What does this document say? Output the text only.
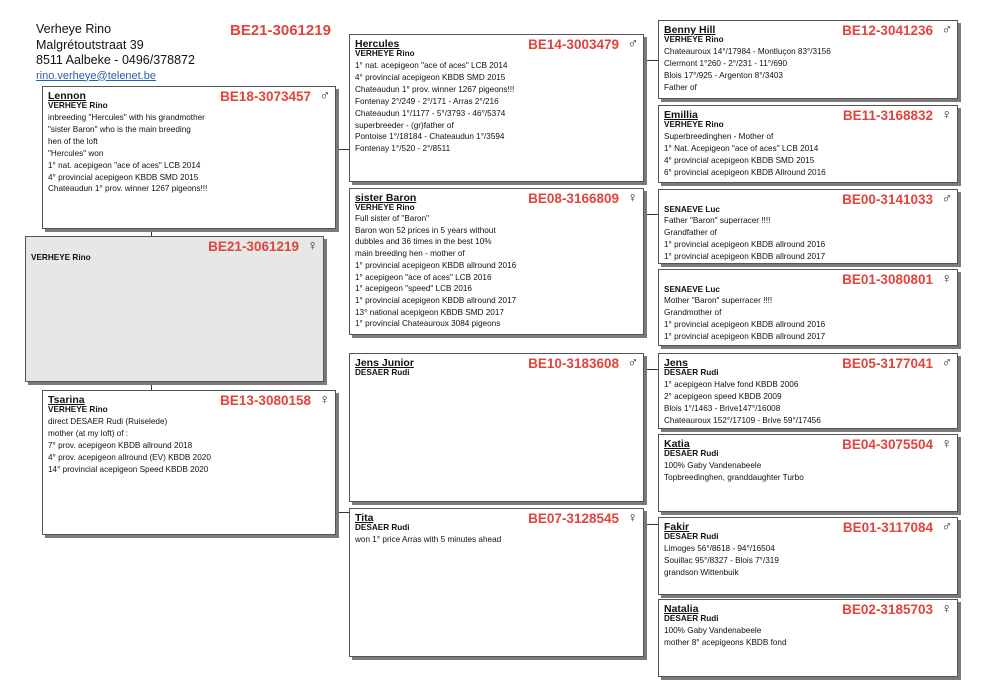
Verheye Rino
Malgrétoutstraat 39
8511 Aalbeke - 0496/378872
rino.verheye@telenet.be
BE21-3061219
Lennon	BE18-3073457 ♂
VERHEYE Rino
inbreeding "Hercules" with his grandmother
"sister Baron" who is the main breeding
hen of the loft
"Hercules" won
1° nat. acepigeon "ace of aces" LCB 2014
4° provincial acepigeon KBDB SMD 2015
Chateaudun 1° prov. winner 1267 pigeons!!!
BE21-3061219 ♀
VERHEYE Rino
Tsarina	BE13-3080158 ♀
VERHEYE Rino
direct DESAER Rudi (Ruiselede)
mother (at my loft) of :
7° prov. acepigeon KBDB allround 2018
4° prov. acepigeon allround (EV) KBDB 2020
14° provincial acepigeon Speed KBDB 2020
Hercules	BE14-3003479 ♂
VERHEYE Rino
1° nat. acepigeon "ace of aces" LCB 2014
4° provincial acepigeon KBDB SMD 2015
Chateaudun 1° prov. winner 1267 pigeons!!!
Fontenay 2°/249 - 2°/171 - Arras 2°/216
Chateaudun 1°/1177 - 5°/3793 - 46°/5374
superbreeder - (gr)father of
Pontoise 1°/18184 - Chateaudun 1°/3594
Fontenay 1°/520 - 2°/8511
sister Baron	BE08-3166809 ♀
VERHEYE Rino
Full sister of "Baron"
Baron won 52 prices in 5 years without
dubbles and 36 times in the best 10%
main breeding hen - mother of
1° provincial acepigeon KBDB allround 2016
1° acepigeon "ace of aces" LCB 2016
1° acepigeon "speed" LCB 2016
1° provincial acepigeon KBDB allround 2017
13° national acepigeon KBDB SMD 2017
1° provincial Chateauroux 3084 pigeons
Jens Junior	BE10-3183608 ♂
DESAER Rudi
Tita	BE07-3128545 ♀
DESAER Rudi
won 1° price Arras with 5 minutes ahead
Benny Hill	BE12-3041236 ♂
VERHEYE Rino
Chateauroux 14°/17984 - Montluçon 83°/3156
Clermont 1°260 - 2°/231 - 11°/690
Blois 17°/925 - Argenton 8°/3403
Father of
Emillia	BE11-3168832 ♀
VERHEYE Rino
Superbreedinghen - Mother of
1° Nat. Acepigeon "ace of aces" LCB 2014
4° provincial acepigeon KBDB SMD 2015
6° provincial acepigeon KBDB Allround 2016
BE00-3141033 ♂
SENAEVE Luc
Father "Baron" superracer !!!!
Grandfather of
1° provincial acepigeon KBDB allround 2016
1° provincial acepigeon KBDB allround 2017
BE01-3080801 ♀
SENAEVE Luc
Mother "Baron" superracer !!!!
Grandmother of
1° provincial acepigeon KBDB allround 2016
1° provincial acepigeon KBDB allround 2017
Jens	BE05-3177041 ♂
DESAER Rudi
1° acepigeon Halve fond KBDB 2006
2° acepigeon speed KBDB 2009
Blois 1°/1463 - Brive147°/16008
Chateauroux 152°/17109 - Brive 59°/17456
Katia	BE04-3075504 ♀
DESAER Rudi
100% Gaby Vandenabeele
Topbreedinghen, granddaughter Turbo
Fakir	BE01-3117084 ♂
DESAER Rudi
Limoges 56°/8618 - 94°/16504
Souillac 95°/8327 - Blois 7°/319
grandson Wittenbuik
Natalia	BE02-3185703 ♀
DESAER Rudi
100% Gaby Vandenabeele
mother 8° acepigeons KBDB fond
